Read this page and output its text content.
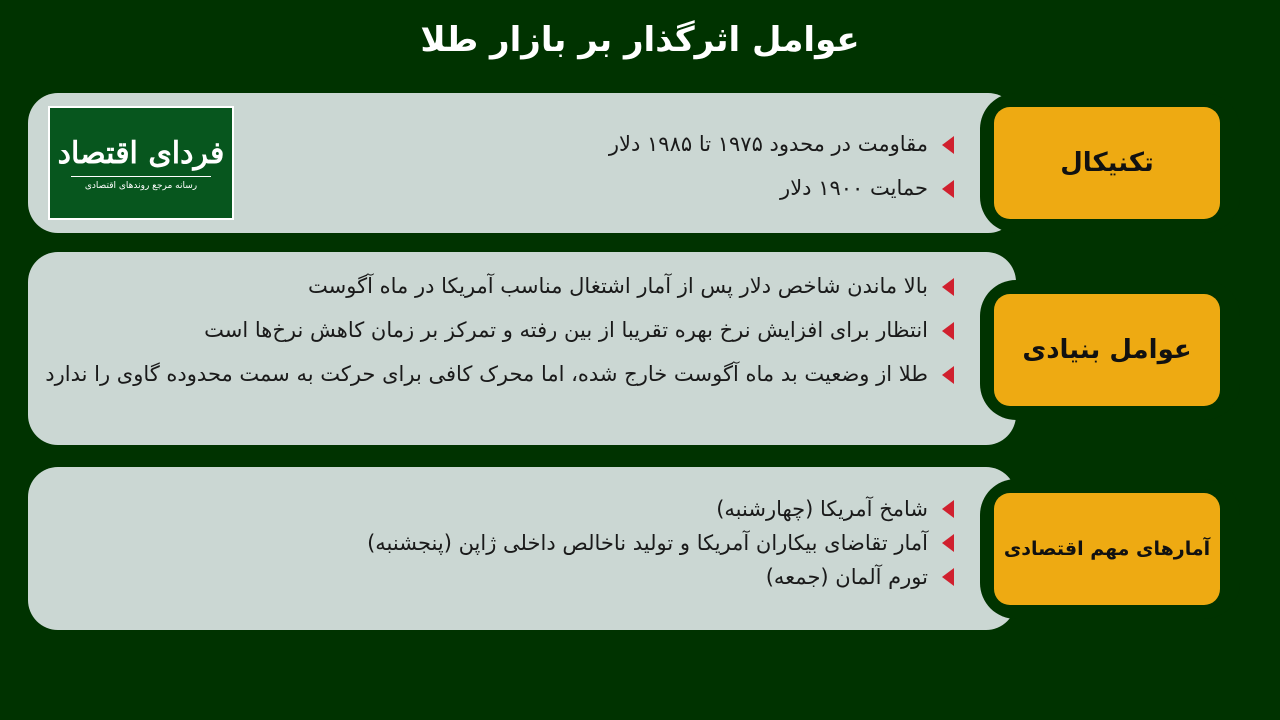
عوامل اثرگذار بر بازار طلا
فردای اقتصاد
رسانه مرجع روندهای اقتصادی
مقاومت در محدود ۱۹۷۵ تا ۱۹۸۵ دلار
حمایت ۱۹۰۰ دلار
تکنیکال
بالا ماندن شاخص دلار پس از آمار اشتغال مناسب آمریکا در ماه آگوست
انتظار برای افزایش نرخ بهره تقریبا از بین رفته و تمرکز بر زمان کاهش نرخ‌ها است
طلا از وضعیت بد ماه آگوست خارج شده، اما محرک کافی برای حرکت به سمت محدوده گاوی را ندارد
عوامل بنیادی
شامخ آمریکا (چهارشنبه)
آمار تقاضای بیکاران آمریکا و تولید ناخالص داخلی ژاپن (پنجشنبه)
تورم آلمان (جمعه)
آمارهای مهم اقتصادی
